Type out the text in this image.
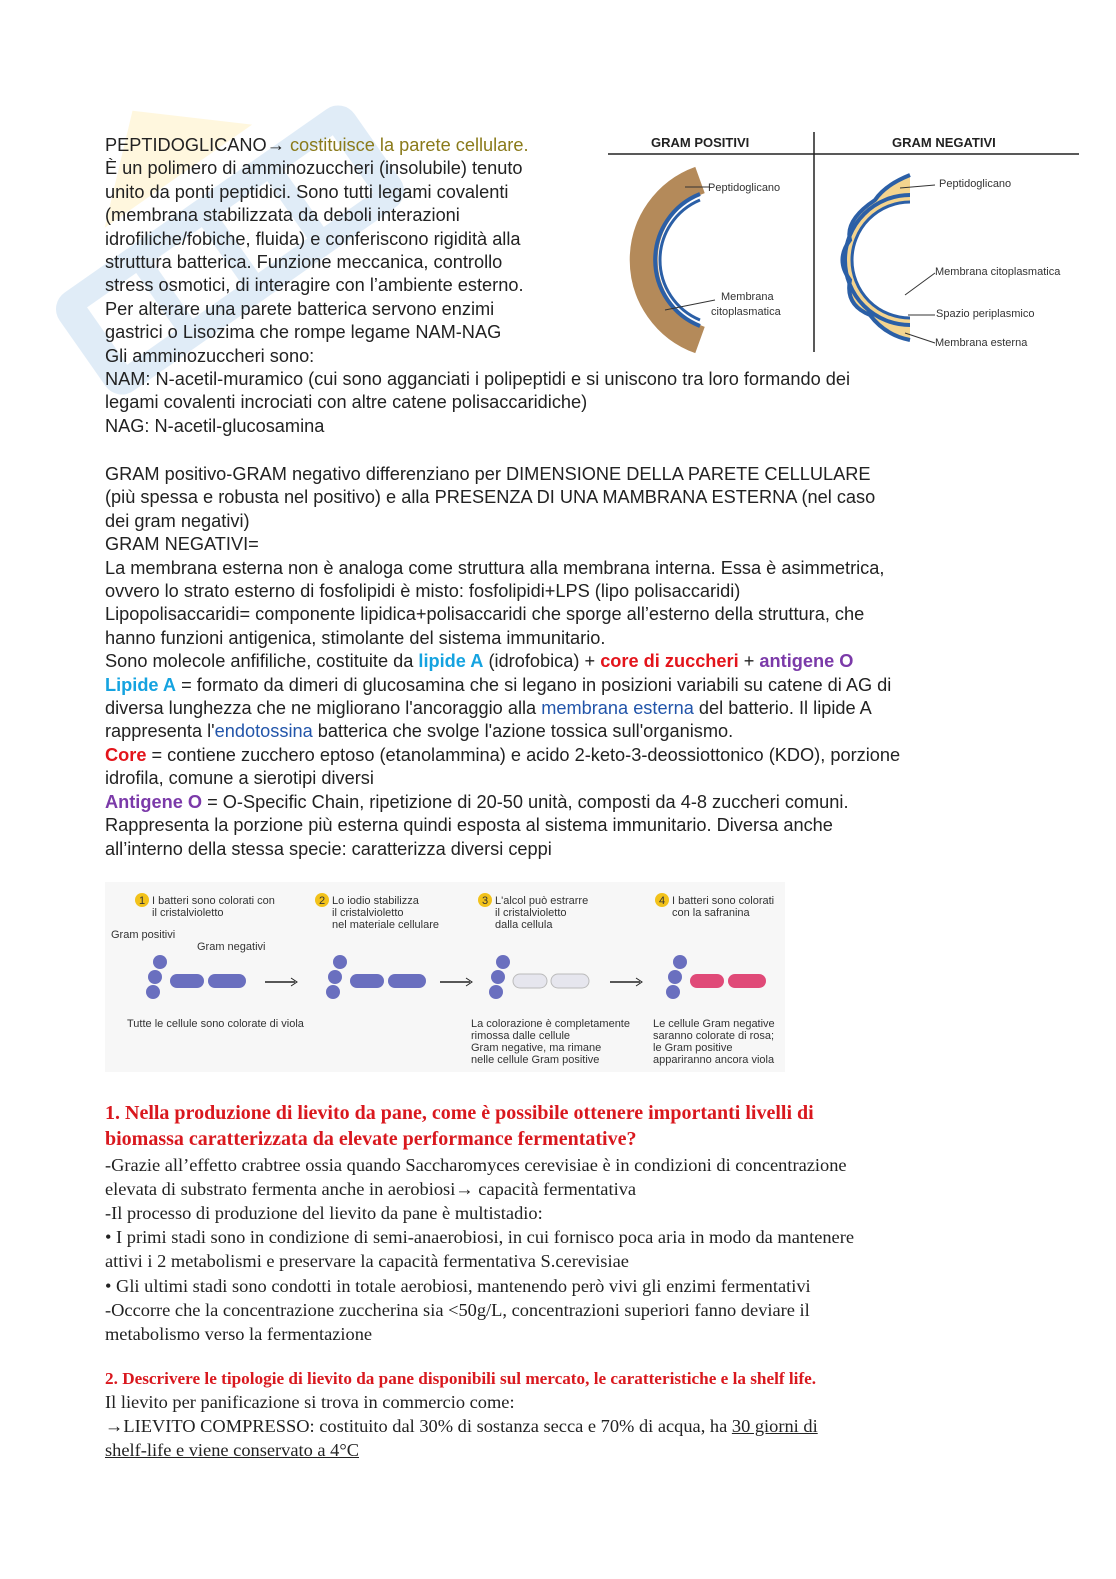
PEPTIDOGLICANO→ costituisce la parete cellulare.

È un polimero di amminozuccheri (insolubile) tenuto

unito da ponti peptidici. Sono tutti legami covalenti

(membrana stabilizzata da deboli interazioni

idrofiliche/fobiche, fluida) e conferiscono rigidità alla

struttura batterica. Funzione meccanica, controllo

stress osmotici, di interagire con l’ambiente esterno.

Per alterare una parete batterica servono enzimi

gastrici o Lisozima che rompe legame NAM-NAG

Gli amminozuccheri sono:

NAM: N-acetil-muramico (cui sono agganciati i polipeptidi e si uniscono tra loro formando dei

legami covalenti incrociati con altre catene polisaccaridiche)

NAG: N-acetil-glucosamina

GRAM POSITIVI	GRAM NEGATIVI
Peptidoglicano
Membrana
citoplasmatica
Peptidoglicano
Membrana citoplasmatica
Spazio periplasmico
Membrana esterna

GRAM positivo-GRAM negativo differenziano per DIMENSIONE DELLA PARETE CELLULARE

(più spessa e robusta nel positivo) e alla PRESENZA DI UNA MAMBRANA ESTERNA (nel caso

dei gram negativi)

GRAM NEGATIVI=

La membrana esterna non è analoga come struttura alla membrana interna. Essa è asimmetrica,

ovvero lo strato esterno di fosfolipidi è misto: fosfolipidi+LPS (lipo polisaccaridi)

Lipopolisaccaridi= componente lipidica+polisaccaridi che sporge all’esterno della struttura, che

hanno funzioni antigenica, stimolante del sistema immunitario.

Sono molecole anfifiliche, costituite da lipide A (idrofobica) + core di zuccheri + antigene O

Lipide A = formato da dimeri di glucosamina che si legano in posizioni variabili su catene di AG di

diversa lunghezza che ne migliorano l'ancoraggio alla membrana esterna del batterio. Il lipide A

rappresenta l'endotossina batterica che svolge l'azione tossica sull'organismo.

Core = contiene zucchero eptoso (etanolammina) e acido 2-keto-3-deossiottonico (KDO), porzione

idrofila, comune a sierotipi diversi

Antigene O = O-Specific Chain, ripetizione di 20-50 unità, composti da 4-8 zuccheri comuni.

Rappresenta la porzione più esterna quindi esposta al sistema immunitario. Diversa anche

all’interno della stessa specie: caratterizza diversi ceppi

1 I batteri sono colorati con
il cristalvioletto
2 Lo iodio stabilizza
il cristalvioletto
nel materiale cellulare
3 L'alcol può estrarre
il cristalvioletto
dalla cellula
4 I batteri sono colorati
con la safranina
Gram positivi
Gram negativi
Tutte le cellule sono colorate di viola	La colorazione è completamente
rimossa dalle cellule
Gram negative, ma rimane
nelle cellule Gram positive
Le cellule Gram negative
saranno colorate di rosa;
le Gram positive
appariranno ancora viola

1. Nella produzione di lievito da pane, come è possibile ottenere importanti livelli di

biomassa caratterizzata da elevate performance fermentative?

-Grazie all’effetto crabtree ossia quando Saccharomyces cerevisiae è in condizioni di concentrazione

elevata di substrato fermenta anche in aerobiosi→ capacità fermentativa

-Il processo di produzione del lievito da pane è multistadio:

• I primi stadi sono in condizione di semi-anaerobiosi, in cui fornisco poca aria in modo da mantenere

attivi i 2 metabolismi e preservare la capacità fermentativa S.cerevisiae

• Gli ultimi stadi sono condotti in totale aerobiosi, mantenendo però vivi gli enzimi fermentativi

-Occorre che la concentrazione zuccherina sia <50g/L, concentrazioni superiori fanno deviare il

metabolismo verso la fermentazione

2. Descrivere le tipologie di lievito da pane disponibili sul mercato, le caratteristiche e la shelf life.

Il lievito per panificazione si trova in commercio come:

→LIEVITO COMPRESSO: costituito dal 30% di sostanza secca e 70% di acqua, ha 30 giorni di

shelf-life e viene conservato a 4°C
